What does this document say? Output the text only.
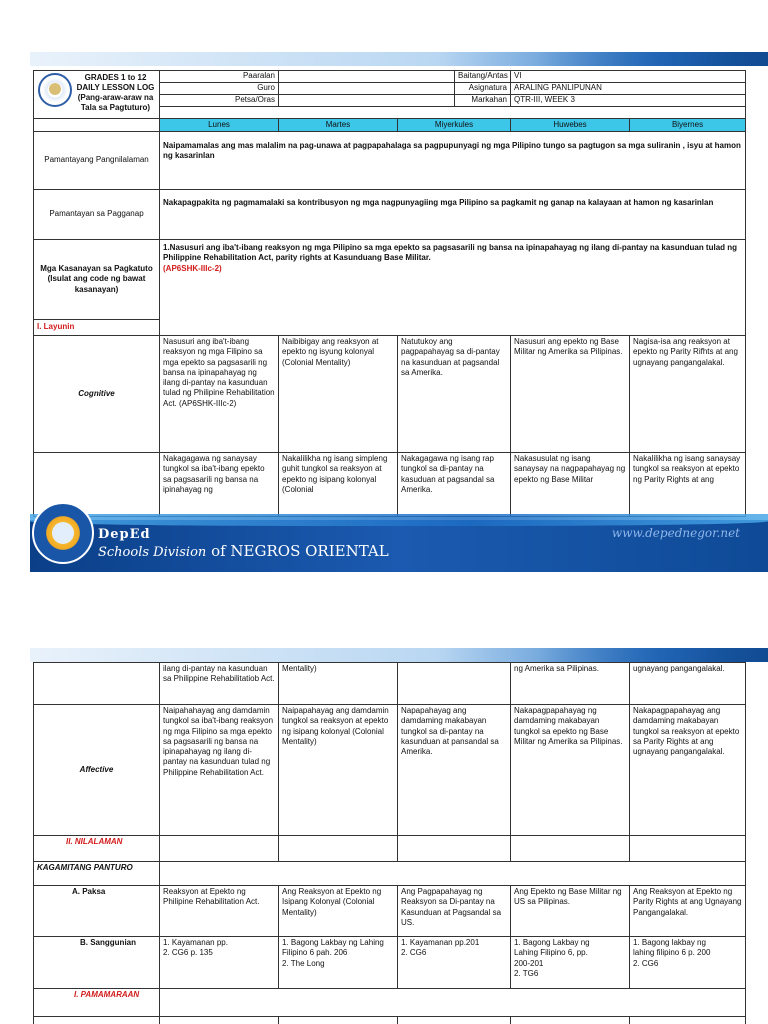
GRADES 1 to 12
DAILY LESSON LOG
(Pang-araw-araw na Tala sa Pagtuturo)	Paaralan			Baitang/Antas	VI	
	Guro			Asignatura	ARALING PANLIPUNAN	
	Petsa/Oras			Markahan	QTR-III, WEEK 3	

	Lunes	Martes	Miyerkules		Huwebes	Biyernes
Pamantayang Pangnilalaman	Naipamamalas ang mas malalim na pag-unawa at pagpapahalaga sa pagpupunyagi ng mga Pilipino tungo sa pagtugon sa mga suliranin , isyu at hamon ng kasarinlan					
Pamantayan sa Pagganap	Nakapagpakita ng pagmamalaki sa kontribusyon ng mga nagpunyagiing mga Pilipino sa pagkamit ng ganap na kalayaan at hamon ng kasarinlan					
Mga Kasanayan sa Pagkatuto (Isulat ang code ng bawat kasanayan)	1.Nasusuri ang iba't-ibang reaksyon ng mga Pilipino sa mga epekto sa pagsasarili ng bansa na ipinapahayag ng ilang di-pantay na kasunduan tulad ng Philippine Rehabilitation Act, parity rights at Kasunduang Base Militar.
(AP6SHK-IIIc-2)					

I. Layunin						
Cognitive	Nasusuri ang iba't-ibang reaksyon ng mga Filipino sa mga epekto sa pagsasarili ng bansa na ipinapahayag ng ilang di-pantay na kasunduan tulad ng Philipine Rehabilitation Act. (AP6SHK-IIIc-2)	Naibibigay ang reaksyon at epekto ng isyung kolonyal (Colonial Mentality)	Natutukoy ang pagpapahayag sa di-pantay na kasunduan at pagsandal sa Amerika.		Nasusuri ang epekto ng Base Militar ng Amerika sa Pilipinas.	Nagisa-isa ang reaksyon at epekto ng Parity Rifhts at ang ugnayang pangangalakal.
Psychomotor	Nakagagawa ng sanaysay tungkol sa iba't-ibang epekto sa pagsasarili ng bansa na ipinahayag ng	Nakalilikha ng isang simpleng guhit tungkol sa reaksyon at epekto ng isipang kolonyal (Colonial	Nakagagawa ng isang rap tungkol sa di-pantay na kasuduan at pagsandal sa Amerika.		Nakasusulat ng isang sanaysay na nagpapahayag ng epekto ng Base Militar	Nakalilikha ng isang sanaysay tungkol sa reaksyon at epekto ng Parity Rights at ang
DepEd
Schools Division of NEGROS ORIENTAL
www.depednegor.net
	ilang di-pantay na kasunduan sa Philippine Rehabilitatiob Act.	Mentality)		ng Amerika sa Pilipinas.	ugnayang pangangalakal.
Affective	Naipahahayag ang damdamin tungkol sa iba't-ibang reaksyon ng mga Filipino sa mga epekto sa pagsasarili ng bansa na ipinapahayag ng ilang di-pantay na kasunduan tulad ng Philippine Rehabilitation Act.	Naipapahayag ang damdamin tungkol sa reaksyon at epekto ng isipang kolonyal (Colonial Mentality)	Napapahayag ang damdaming makabayan tungkol sa di-pantay na kasunduan at pansandal sa Amerika.	Nakapagpapahayag ng damdaming makabayan tungkol sa epekto ng Base Militar ng Amerika sa Pilipinas.	Nakapagpapahayag ang damdaming makabayan tungkol sa reaksyon at epekto sa Parity Rights at ang ugnayang pangangalakal.
II. NILALAMAN					
KAGAMITANG PANTURO					
A. Paksa	Reaksyon at Epekto ng Philipine Rehabilitation Act.	Ang Reaksyon at Epekto ng Isipang Kolonyal (Colonial Mentality)	Ang Pagpapahayag ng Reaksyon sa Di-pantay na Kasunduan at Pagsandal sa US.	Ang Epekto ng Base Militar ng US sa Pilipinas.	Ang Reaksyon at Epekto ng Parity Rights at ang Ugnayang Pangangalakal.
B. Sanggunian	1. Kayamanan pp.
2. CG6 p. 135	1. Bagong Lakbay ng Lahing Filipino 6 pah. 206
2. The Long	1. Kayamanan pp.201
2. CG6	1. Bagong Lakbay ng
Lahing Filipino 6, pp.
200-201
2. TG6	1. Bagong lakbay ng
lahing filipino 6 p. 200
2. CG6
I. PAMAMARAAN					
